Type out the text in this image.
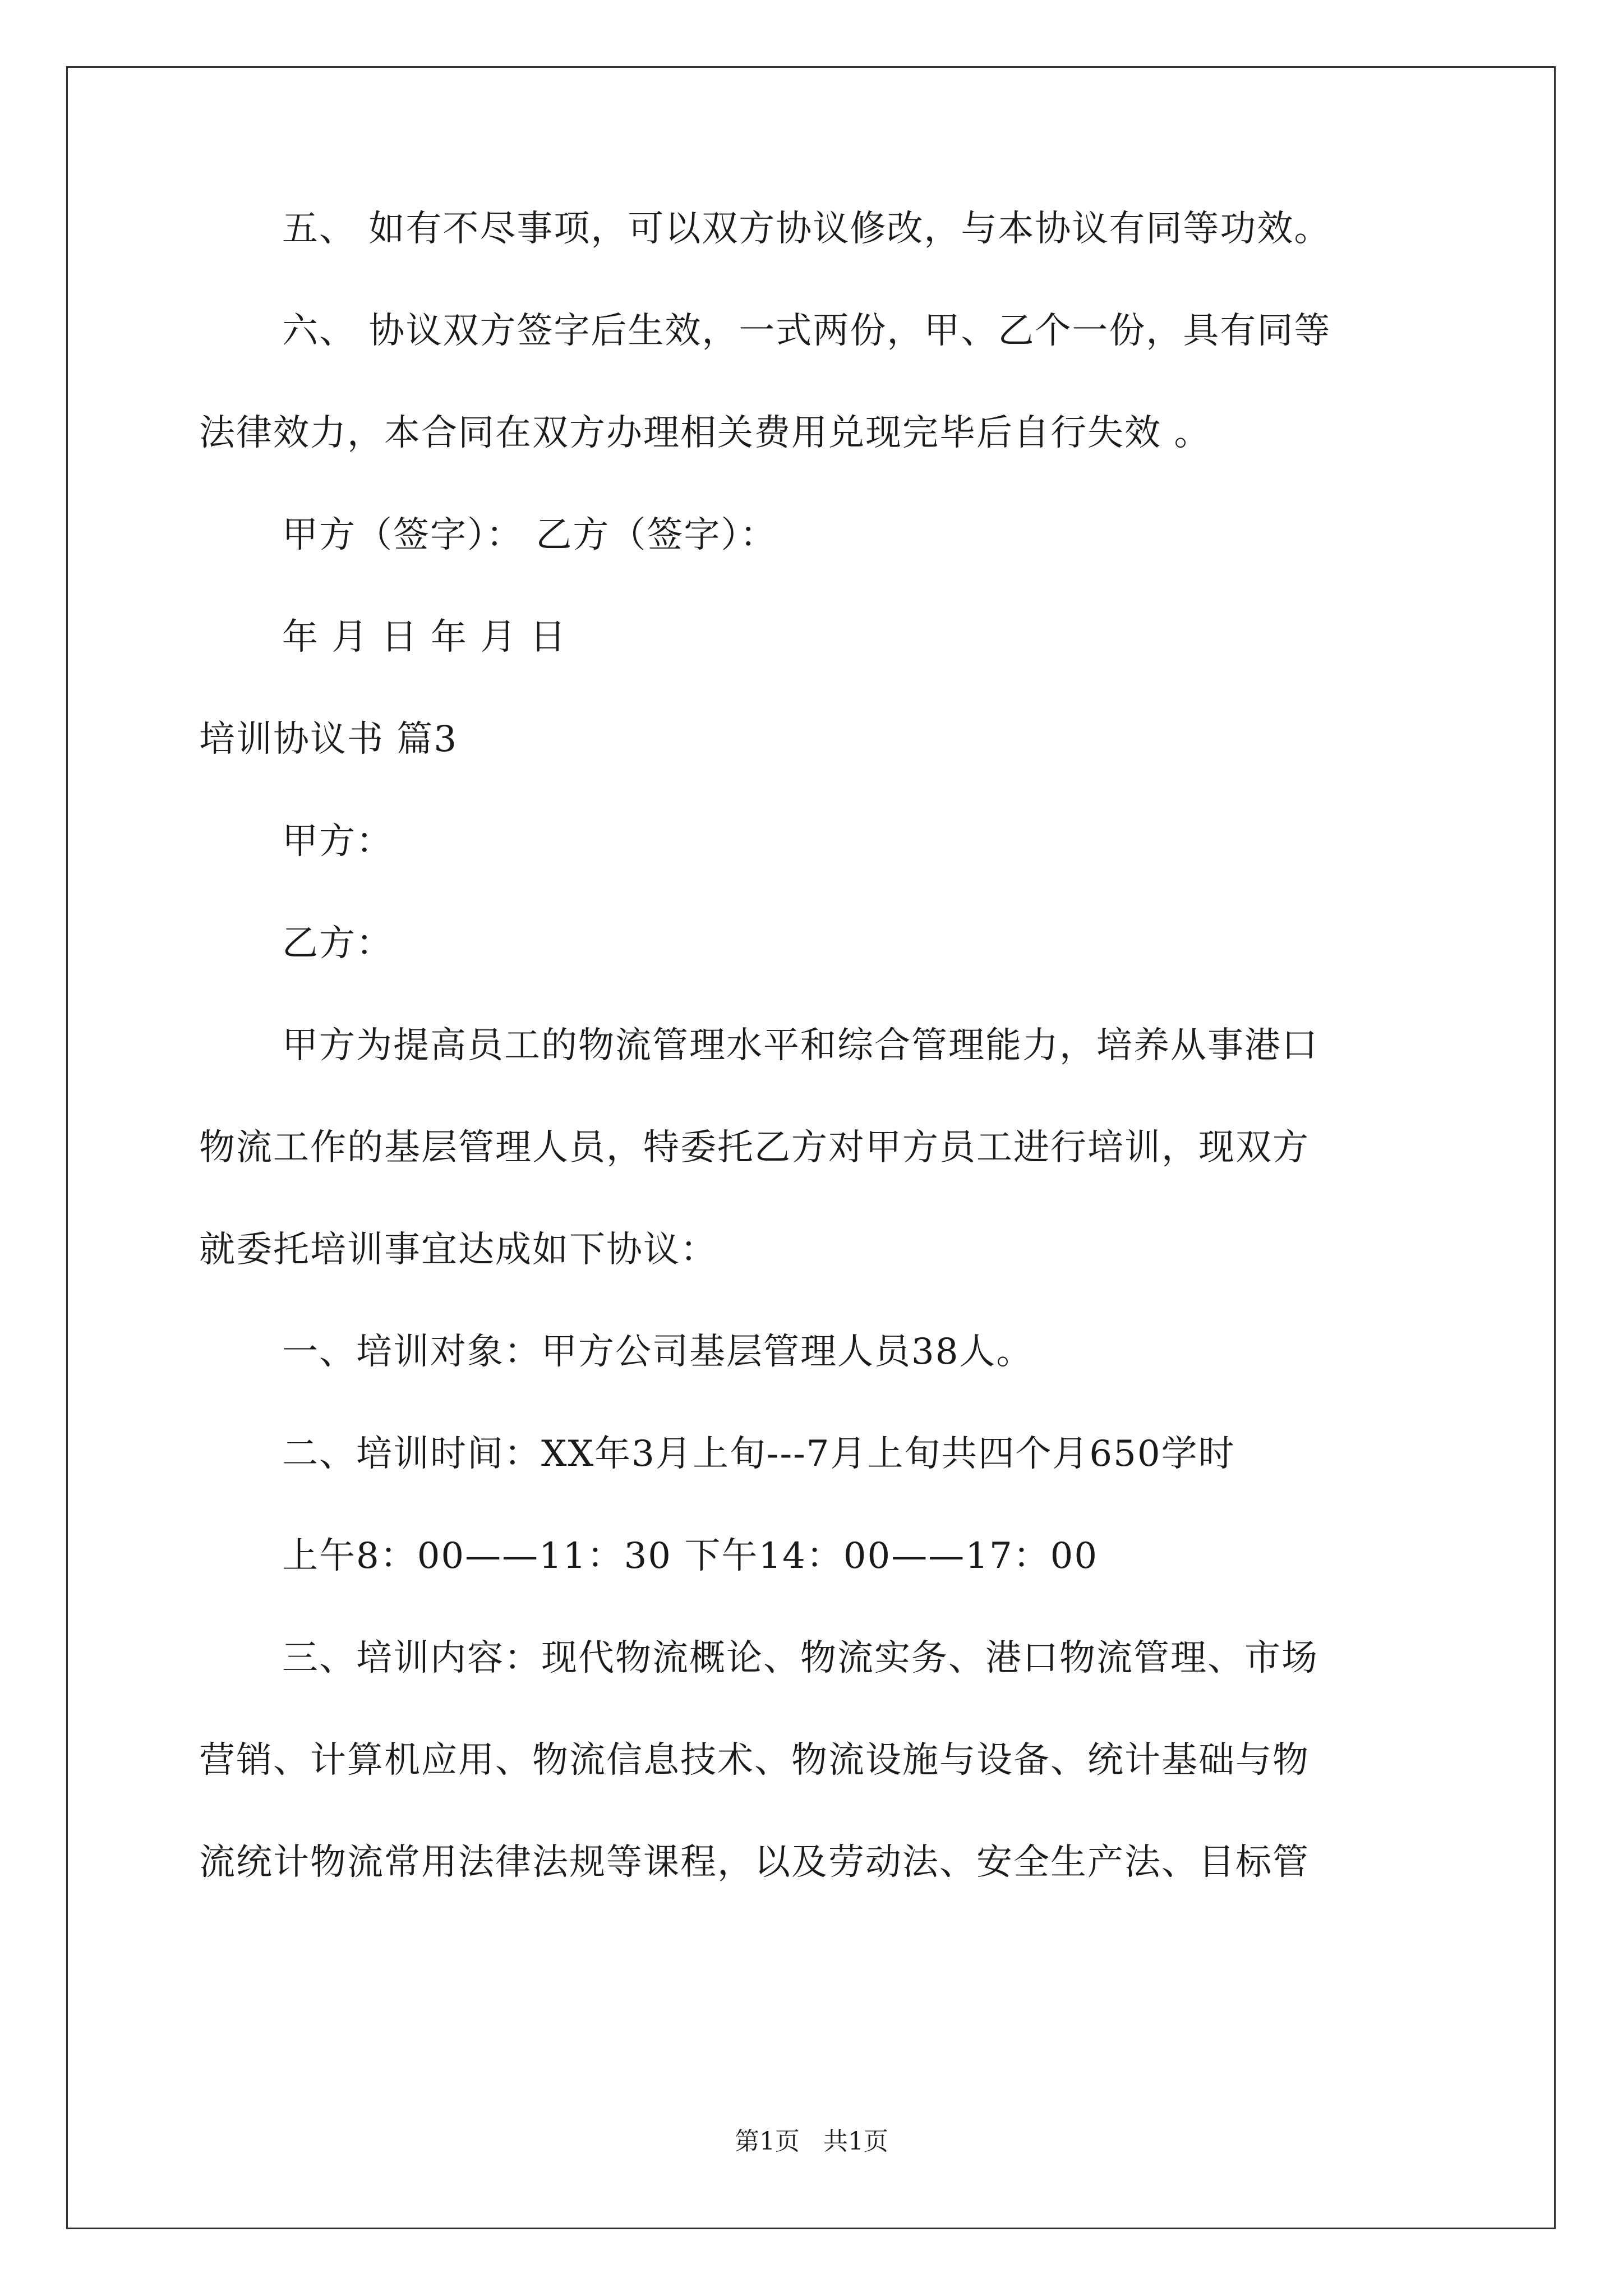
五、 如有不尽事项，可以双方协议修改，与本协议有同等功效。
六、 协议双方签字后生效，一式两份，甲、乙个一份，具有同等
法律效力，本合同在双方办理相关费用兑现完毕后自行失效 。
甲方（签字）： 乙方（签字）：
年 月 日 年 月 日
培训协议书 篇3
甲方：
乙方：
甲方为提高员工的物流管理水平和综合管理能力，培养从事港口
物流工作的基层管理人员，特委托乙方对甲方员工进行培训，现双方
就委托培训事宜达成如下协议：
一、培训对象：甲方公司基层管理人员38人。
二、培训时间：XX年3月上旬---7月上旬共四个月650学时
上午8：00——11：30 下午14：00——17：00
三、培训内容：现代物流概论、物流实务、港口物流管理、市场
营销、计算机应用、物流信息技术、物流设施与设备、统计基础与物
流统计物流常用法律法规等课程，以及劳动法、安全生产法、目标管
第1页 共1页
